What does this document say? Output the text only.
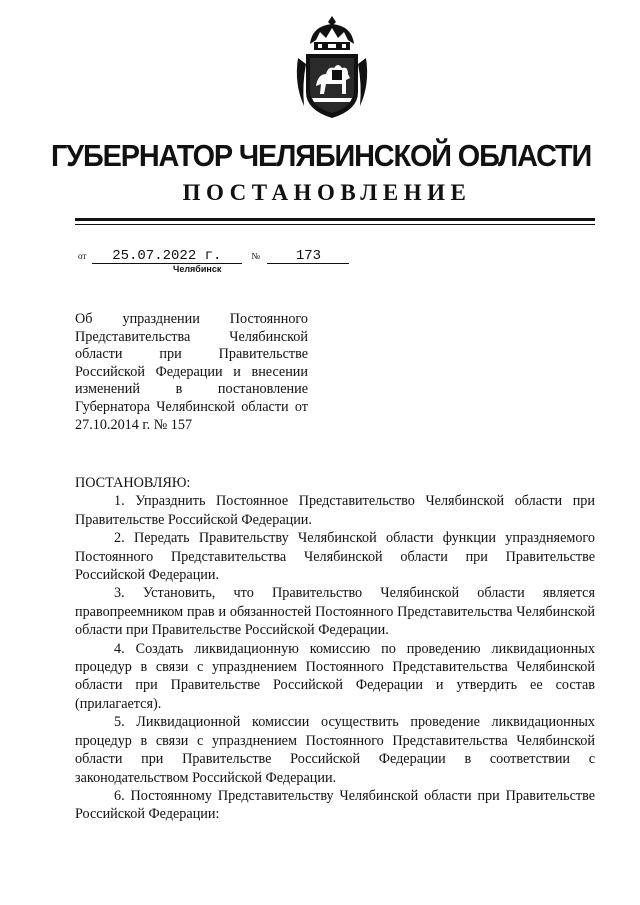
ГУБЕРНАТОР ЧЕЛЯБИНСКОЙ ОБЛАСТИ
ПОСТАНОВЛЕНИЕ
от 25.07.2022 г.	№	173
Челябинск
Об упразднении Постоянного Представительства Челябинской области при Правительстве Российской Федерации и внесении изменений в постановление Губернатора Челябинской области от 27.10.2014 г. № 157

ПОСТАНОВЛЯЮ:

1. Упразднить Постоянное Представительство Челябинской области при Правительстве Российской Федерации.

2. Передать Правительству Челябинской области функции упраздняемого Постоянного Представительства Челябинской области при Правительстве Российской Федерации.

3. Установить, что Правительство Челябинской области является правопреемником прав и обязанностей Постоянного Представительства Челябинской области при Правительстве Российской Федерации.

4. Создать ликвидационную комиссию по проведению ликвидационных процедур в связи с упразднением Постоянного Представительства Челябинской области при Правительстве Российской Федерации и утвердить ее состав (прилагается).

5. Ликвидационной комиссии осуществить проведение ликвидационных процедур в связи с упразднением Постоянного Представительства Челябинской области при Правительстве Российской Федерации в соответствии с законодательством Российской Федерации.

6. Постоянному Представительству Челябинской области при Правительстве Российской Федерации:
